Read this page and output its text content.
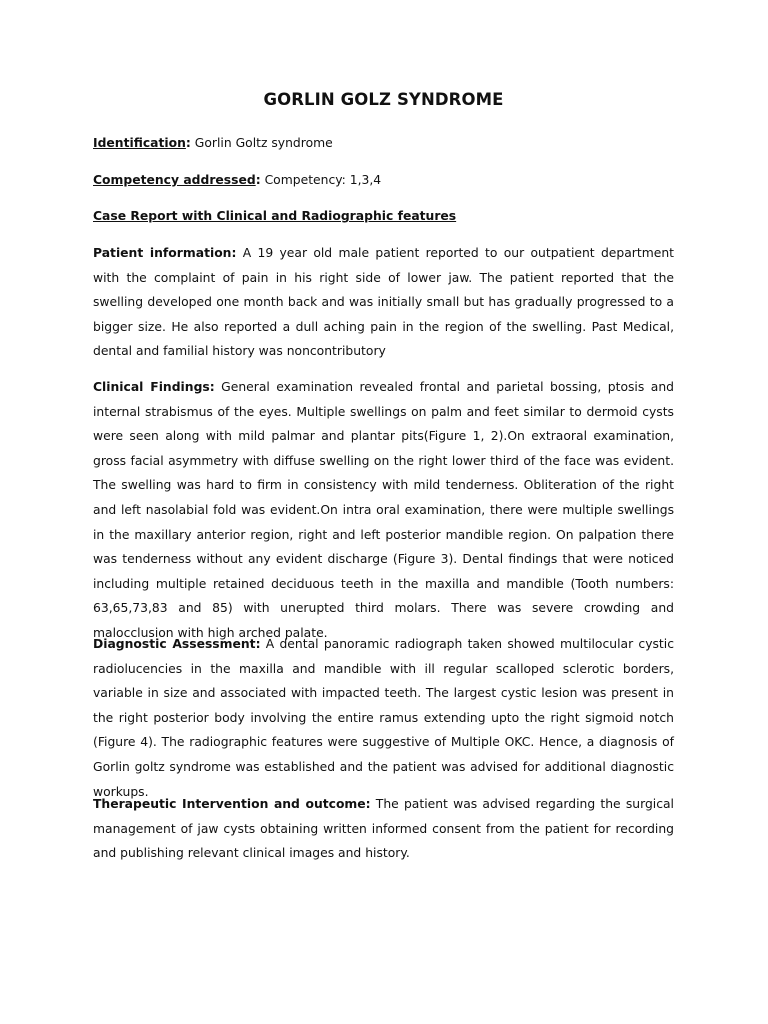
GORLIN GOLZ SYNDROME

Identification: Gorlin Goltz syndrome

Competency addressed: Competency: 1,3,4

Case Report with Clinical and Radiographic features

Patient information: A 19 year old male patient reported to our outpatient department with the complaint of pain in his right side of lower jaw. The patient reported that the swelling developed one month back and was initially small but has gradually progressed to a bigger size. He also reported a dull aching pain in the region of the swelling. Past Medical, dental and familial history was noncontributory

Clinical Findings: General examination revealed frontal and parietal bossing, ptosis and internal strabismus of the eyes. Multiple swellings on palm and feet similar to dermoid cysts were seen along with mild palmar and plantar pits(Figure 1, 2).On extraoral examination, gross facial asymmetry with diffuse swelling on the right lower third of the face was evident. The swelling was hard to firm in consistency with mild tenderness. Obliteration of the right and left nasolabial fold was evident.On intra oral examination, there were multiple swellings in the maxillary anterior region, right and left posterior mandible region. On palpation there was tenderness without any evident discharge (Figure 3). Dental findings that were noticed including multiple retained deciduous teeth in the maxilla and mandible (Tooth numbers: 63,65,73,83 and 85) with unerupted third molars. There was severe crowding and malocclusion with high arched palate.

Diagnostic Assessment: A dental panoramic radiograph taken showed multilocular cystic radiolucencies in the maxilla and mandible with ill regular scalloped sclerotic borders, variable in size and associated with impacted teeth. The largest cystic lesion was present in the right posterior body involving the entire ramus extending upto the right sigmoid notch (Figure 4). The radiographic features were suggestive of Multiple OKC. Hence, a diagnosis of Gorlin goltz syndrome was established and the patient was advised for additional diagnostic workups.

Therapeutic Intervention and outcome: The patient was advised regarding the surgical management of jaw cysts obtaining written informed consent from the patient for recording and publishing relevant clinical images and history.
